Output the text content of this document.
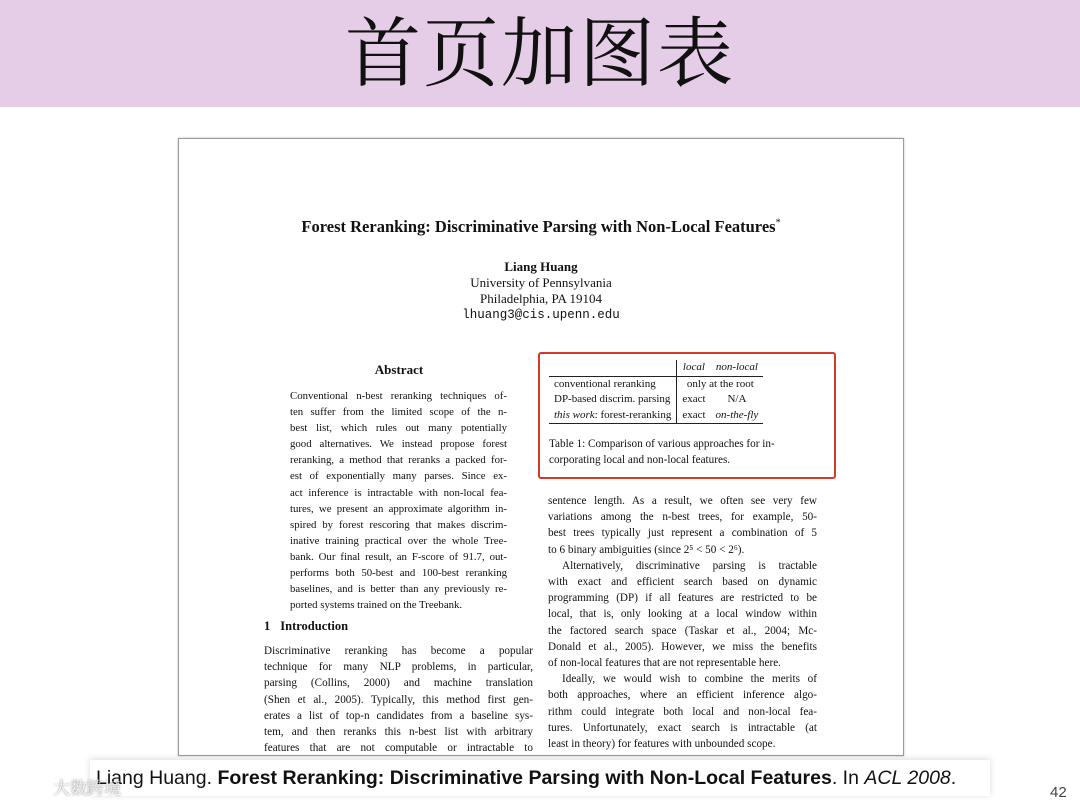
首页加图表
Forest Reranking: Discriminative Parsing with Non-Local Features*
Liang Huang
University of Pennsylvania
Philadelphia, PA 19104
lhuang3@cis.upenn.edu
Abstract
Conventional n-best reranking techniques of-
ten suffer from the limited scope of the n-
best list, which rules out many potentially
good alternatives. We instead propose forest
reranking, a method that reranks a packed for-
est of exponentially many parses. Since ex-
act inference is intractable with non-local fea-
tures, we present an approximate algorithm in-
spired by forest rescoring that makes discrim-
inative training practical over the whole Tree-
bank. Our final result, an F-score of 91.7, out-
performs both 50-best and 100-best reranking
baselines, and is better than any previously re-
ported systems trained on the Treebank.
1 Introduction
Discriminative reranking has become a popular
technique for many NLP problems, in particular,
parsing (Collins, 2000) and machine translation
(Shen et al., 2005). Typically, this method first gen-
erates a list of top-n candidates from a baseline sys-
tem, and then reranks this n-best list with arbitrary
features that are not computable or intractable to
	local	non-local
conventional reranking	only at the root	
DP-based discrim. parsing	exact	N/A
this work: forest-reranking	exact	on-the-fly
Table 1: Comparison of various approaches for in-
corporating local and non-local features.
sentence length. As a result, we often see very few
variations among the n-best trees, for example, 50-
best trees typically just represent a combination of 5
to 6 binary ambiguities (since 2⁵ < 50 < 2⁶).
Alternatively, discriminative parsing is tractable
with exact and efficient search based on dynamic
programming (DP) if all features are restricted to be
local, that is, only looking at a local window within
the factored search space (Taskar et al., 2004; Mc-
Donald et al., 2005). However, we miss the benefits
of non-local features that are not representable here.
Ideally, we would wish to combine the merits of
both approaches, where an efficient inference algo-
rithm could integrate both local and non-local fea-
tures. Unfortunately, exact search is intractable (at
least in theory) for features with unbounded scope.
Liang Huang. Forest Reranking: Discriminative Parsing with Non-Local Features. In ACL 2008.
大数跨境	42
